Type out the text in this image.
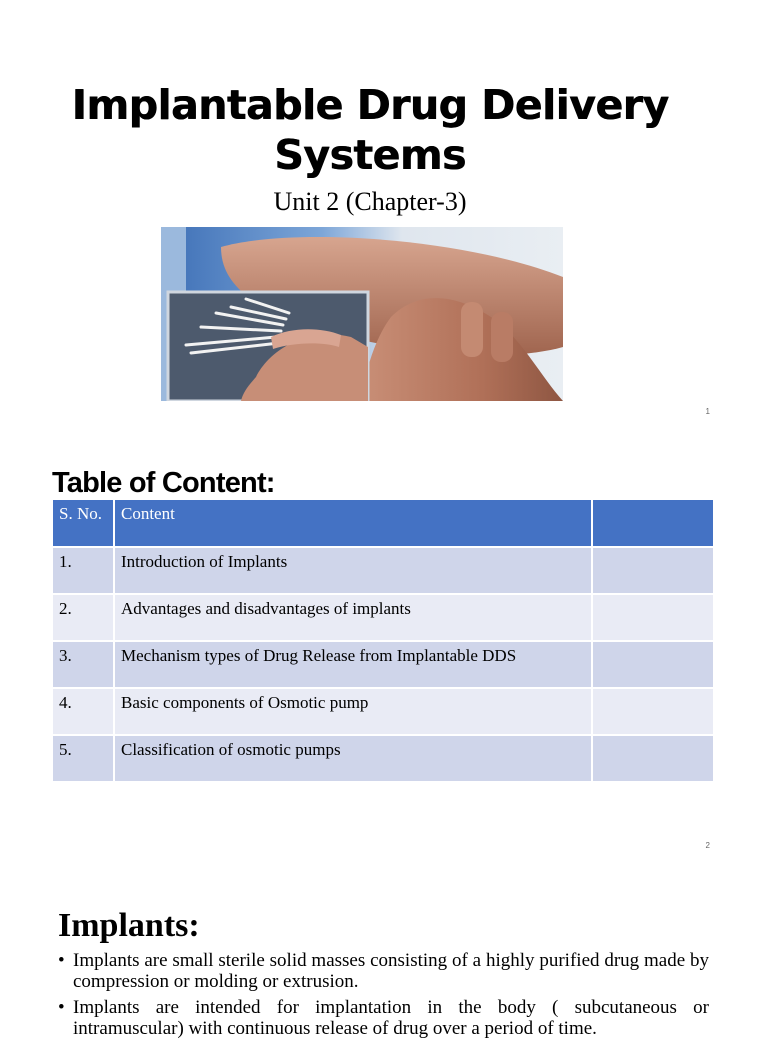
Implantable Drug Delivery Systems
Unit 2 (Chapter-3)
1
Table of Content:
S. No.	Content	
1.	Introduction of Implants	
2.	Advantages and disadvantages of implants	
3.	Mechanism types of Drug Release from Implantable DDS	
4.	Basic components of Osmotic pump	
5.	Classification of osmotic pumps	
2
Implants:
• Implants are small sterile solid masses consisting of a highly purified drug made by compression or molding or extrusion.
• Implants are intended for implantation in the body ( subcutaneous or intramuscular) with continuous release of drug over a period of time.
